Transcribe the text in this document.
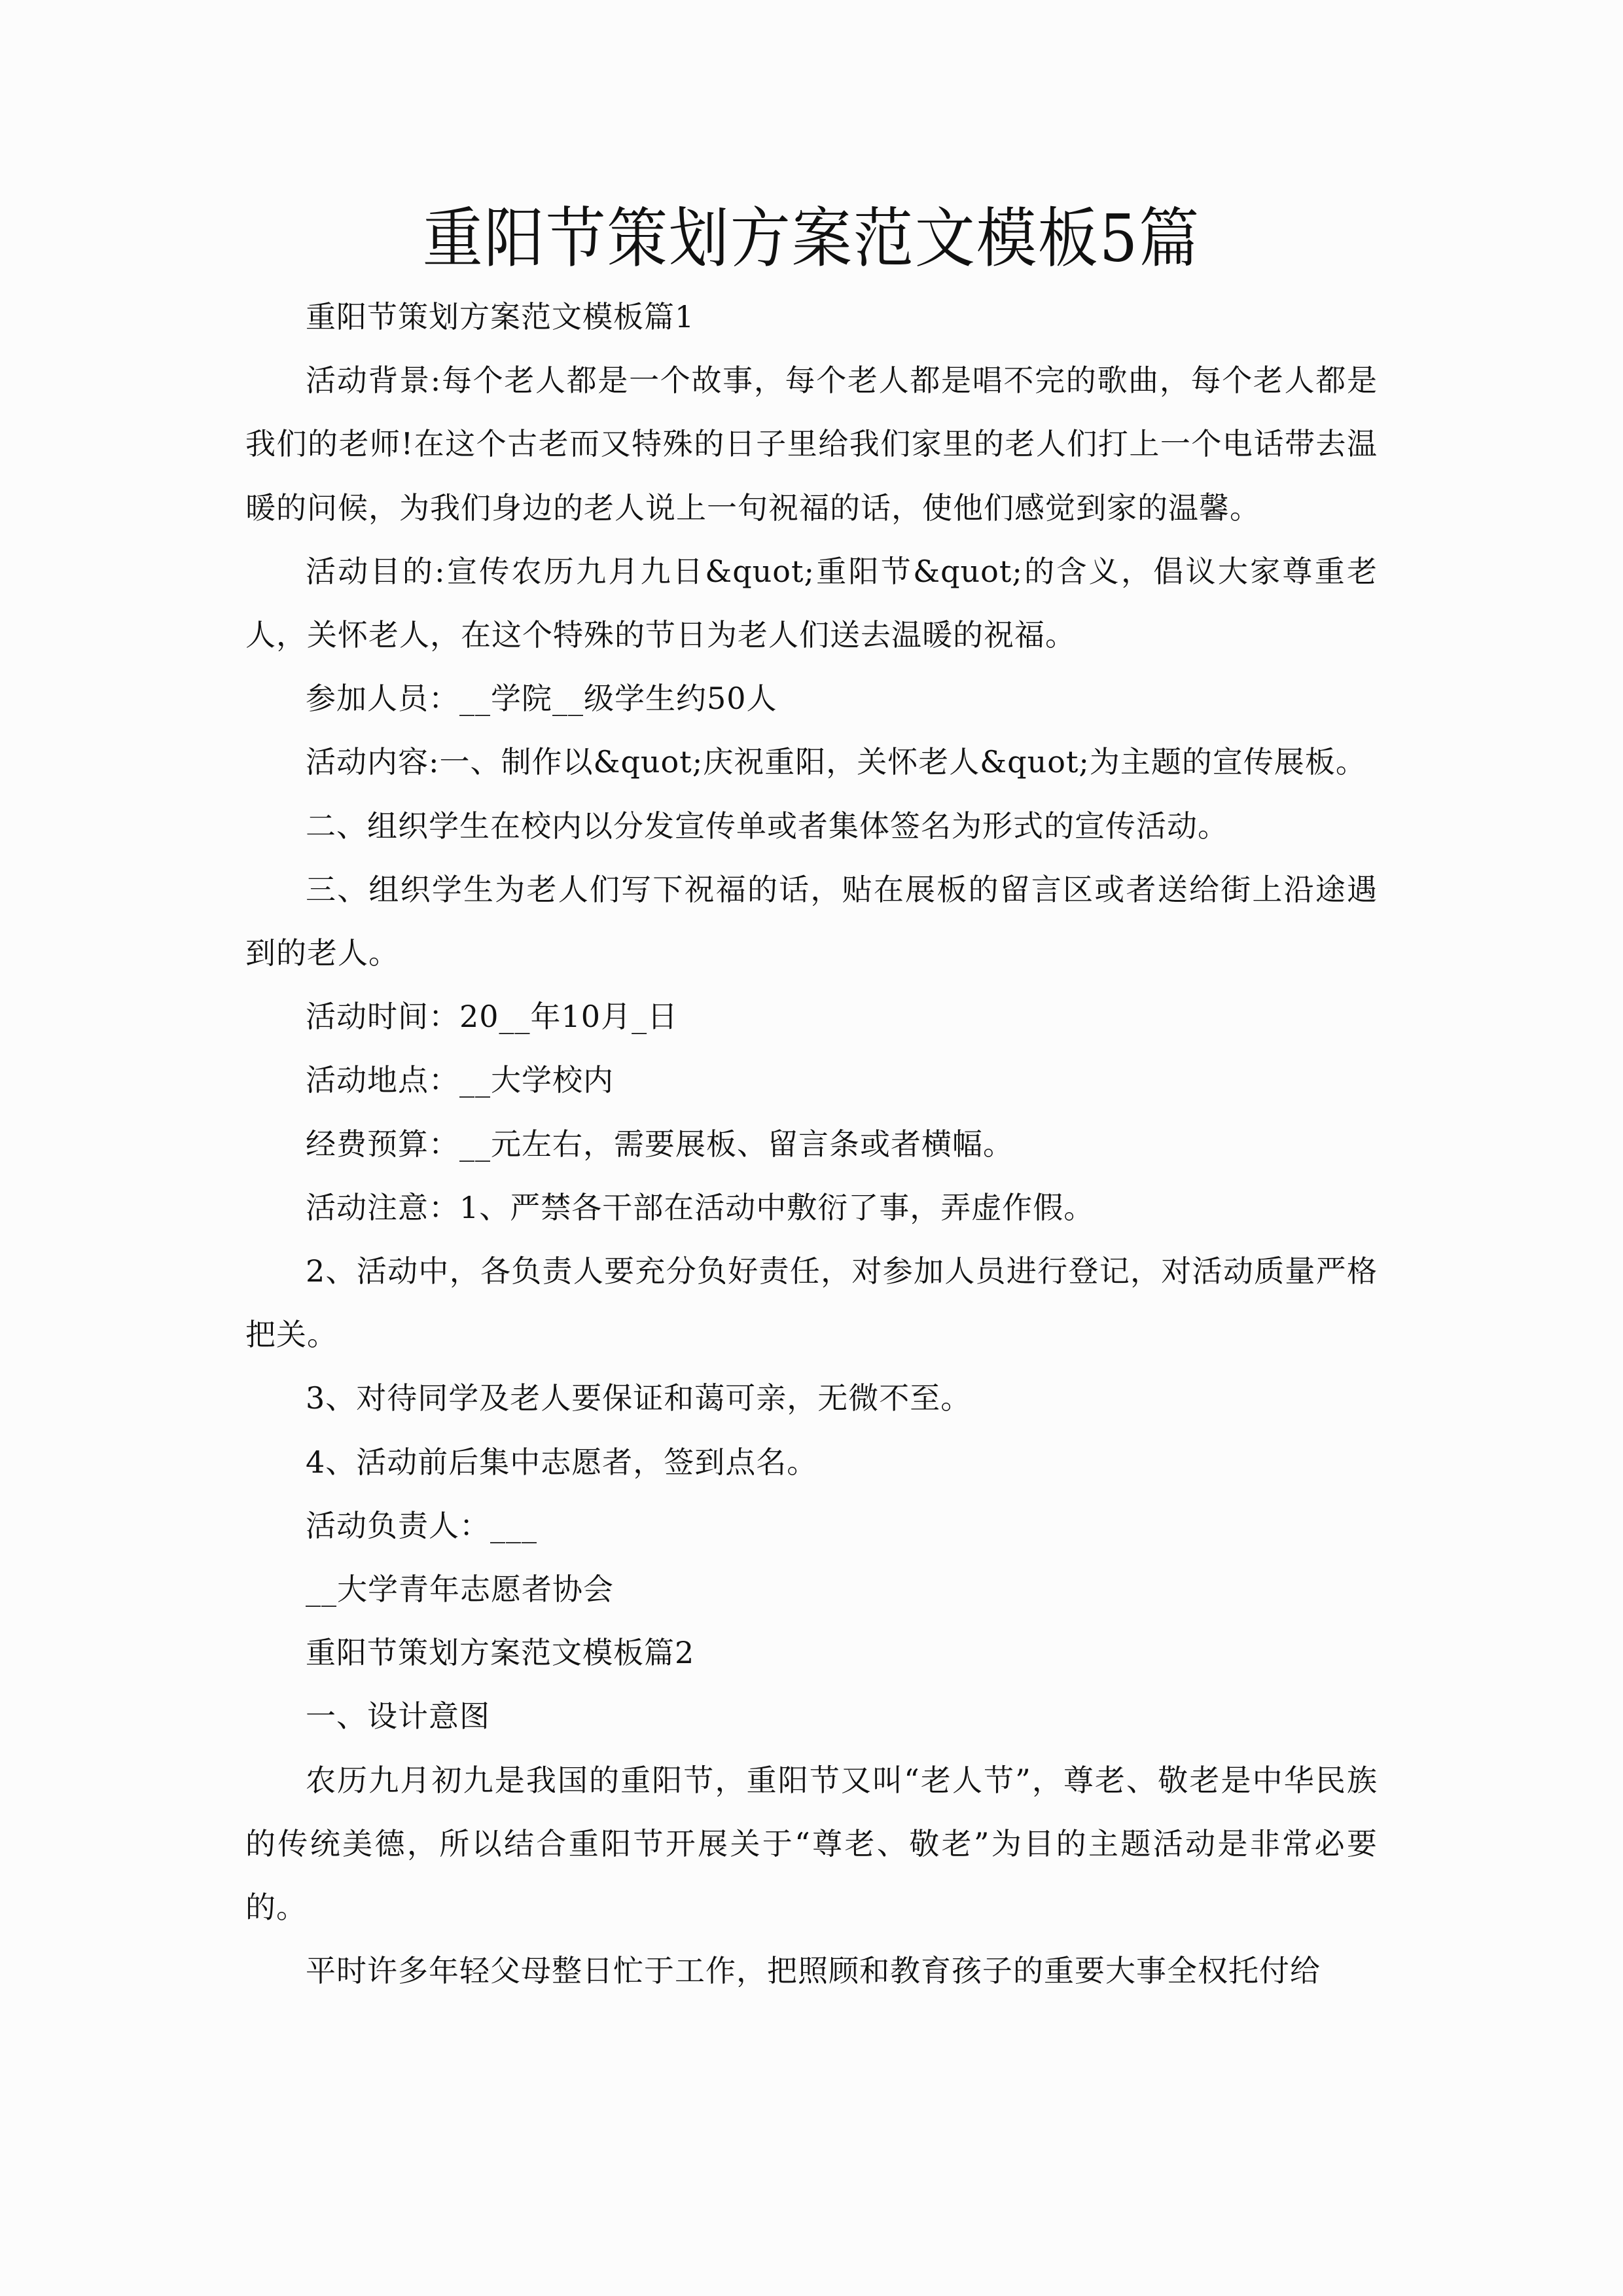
重阳节策划方案范文模板5篇

重阳节策划方案范文模板篇1

活动背景:每个老人都是一个故事，每个老人都是唱不完的歌曲，每个老人都是我们的老师!在这个古老而又特殊的日子里给我们家里的老人们打上一个电话带去温暖的问候，为我们身边的老人说上一句祝福的话，使他们感觉到家的温馨。

活动目的:宣传农历九月九日&quot;重阳节&quot;的含义，倡议大家尊重老人，关怀老人，在这个特殊的节日为老人们送去温暖的祝福。

参加人员：__学院__级学生约50人

活动内容:一、制作以&quot;庆祝重阳，关怀老人&quot;为主题的宣传展板。

二、组织学生在校内以分发宣传单或者集体签名为形式的宣传活动。

三、组织学生为老人们写下祝福的话，贴在展板的留言区或者送给街上沿途遇到的老人。

活动时间：20__年10月_日

活动地点：__大学校内

经费预算：__元左右，需要展板、留言条或者横幅。

活动注意：1、严禁各干部在活动中敷衍了事，弄虚作假。

2、活动中，各负责人要充分负好责任，对参加人员进行登记，对活动质量严格把关。

3、对待同学及老人要保证和蔼可亲，无微不至。

4、活动前后集中志愿者，签到点名。

活动负责人：___

__大学青年志愿者协会

重阳节策划方案范文模板篇2

一、设计意图

农历九月初九是我国的重阳节，重阳节又叫“老人节”，尊老、敬老是中华民族的传统美德，所以结合重阳节开展关于“尊老、敬老”为目的主题活动是非常必要的。

平时许多年轻父母整日忙于工作，把照顾和教育孩子的重要大事全权托付给
